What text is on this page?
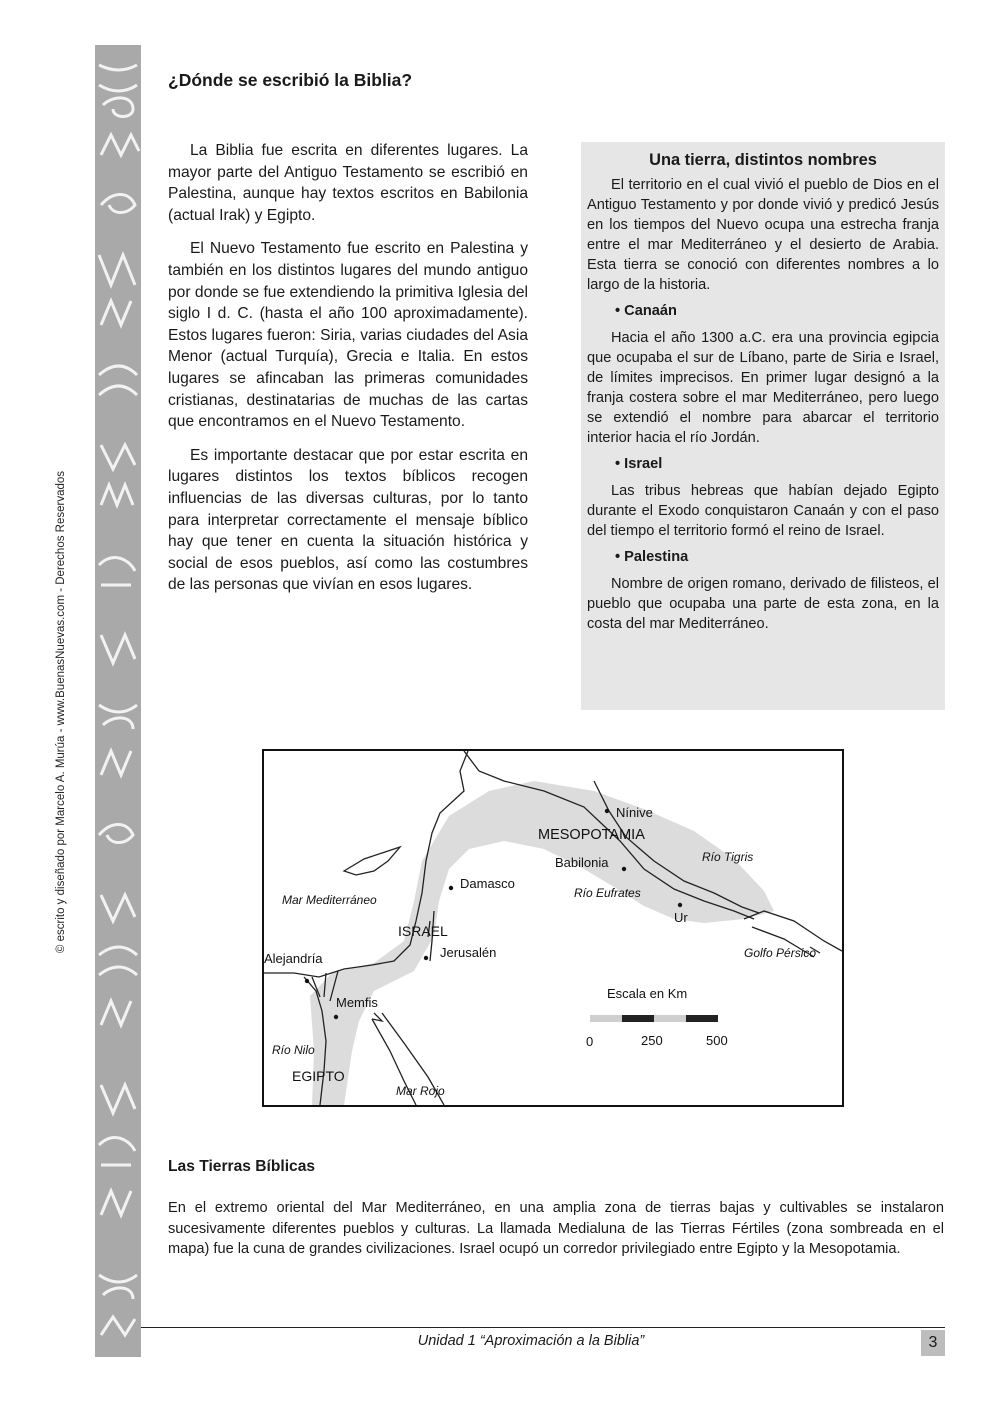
© escrito y diseñado por Marcelo A. Murúa - www.BuenasNuevas.com - Derechos Reservados
¿Dónde se escribió la Biblia?

La Biblia fue escrita en diferentes lugares. La mayor parte del Antiguo Testamento se escribió en Palestina, aunque hay textos escritos en Babilonia (actual Irak) y Egipto.

El Nuevo Testamento fue escrito en Palestina y también en los distintos lugares del mundo antiguo por donde se fue extendiendo la primitiva Iglesia del siglo I d. C. (hasta el año 100 aproximadamente). Estos lugares fueron: Siria, varias ciudades del Asia Menor (actual Turquía), Grecia e Italia. En estos lugares se afincaban las primeras comunidades cristianas, destinatarias de muchas de las cartas que encontramos en el Nuevo Testamento.

Es importante destacar que por estar escrita en lugares distintos los textos bíblicos recogen influencias de las diversas culturas, por lo tanto para interpretar correctamente el mensaje bíblico hay que tener en cuenta la situación histórica y social de esos pueblos, así como las costumbres de las personas que vivían en esos lugares.

Una tierra, distintos nombres

El territorio en el cual vivió el pueblo de Dios en el Antiguo Testamento y por donde vivió y predicó Jesús en los tiempos del Nuevo ocupa una estrecha franja entre el mar Mediterráneo y el desierto de Arabia. Esta tierra se conoció con diferentes nombres a lo largo de la historia.

• Canaán

Hacia el año 1300 a.C. era una provincia egipcia que ocupaba el sur de Líbano, parte de Siria e Israel, de límites imprecisos. En primer lugar designó a la franja costera sobre el mar Mediterráneo, pero luego se extendió el nombre para abarcar el territorio interior hacia el río Jordán.

• Israel

Las tribus hebreas que habían dejado Egipto durante el Exodo conquistaron Canaán y con el paso del tiempo el territorio formó el reino de Israel.

• Palestina

Nombre de origen romano, derivado de filisteos, el pueblo que ocupaba una parte de esta zona, en la costa del mar Mediterráneo.

Nínive
MESOPOTAMIA
Río Tigris
Babilonia
Damasco
Río Eufrates
Mar Mediterráneo
Ur
ISRAEL
Jerusalén	Golfo Pérsico
Alejandría
Escala en Km
Memfis
0	250	500
Río Nilo
EGIPTO
Mar Rojo
Las Tierras Bíblicas

En el extremo oriental del Mar Mediterráneo, en una amplia zona de tierras bajas y cultivables se instalaron sucesivamente diferentes pueblos y culturas. La llamada Medialuna de las Tierras Fértiles (zona sombreada en el mapa) fue la cuna de grandes civilizaciones. Israel ocupó un corredor privilegiado entre Egipto y la Mesopotamia.

Unidad 1 “Aproximación a la Biblia”	3
